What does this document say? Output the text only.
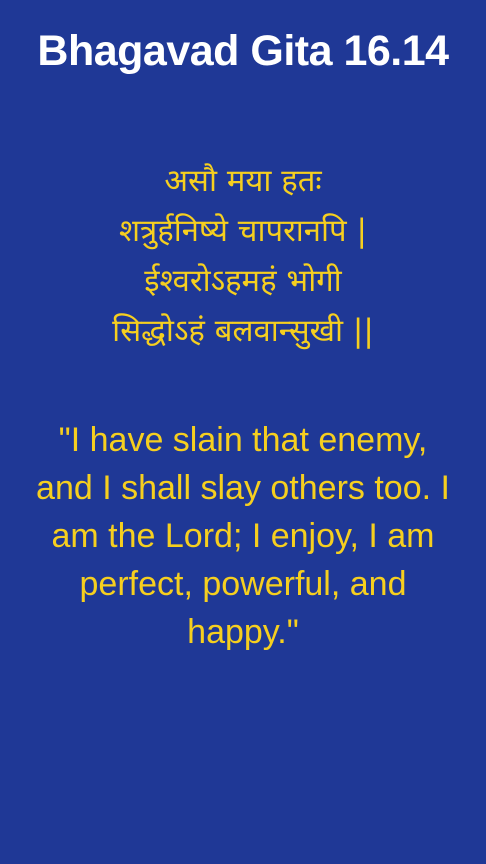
Bhagavad Gita 16.14
असौ मया हतः
शत्रुर्हनिष्ये चापरानपि |
ईश्वरोऽहमहं भोगी
सिद्धोऽहं बलवान्सुखी ||
"I have slain that enemy,
and I shall slay others too. I
am the Lord; I enjoy, I am
perfect, powerful, and
happy."
